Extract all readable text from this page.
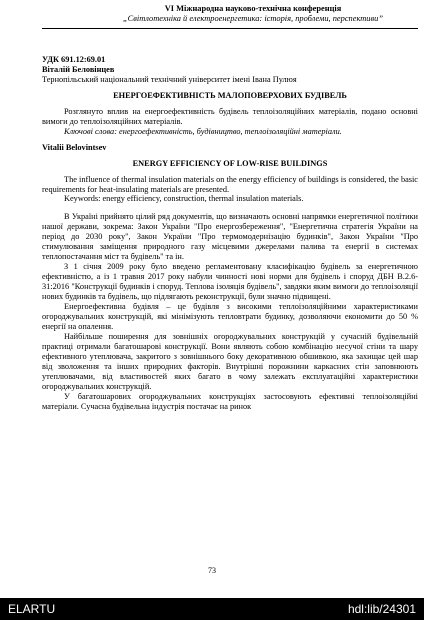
VI Міжнародна науково-технічна конференція
„Світлотехніка й електроенергетика: історія, проблеми, перспективи”

УДК 691.12:69.01

Віталій Беловінцев

Тернопільський національний технічний університет імені Івана Пулюя

ЕНЕРГОЕФЕКТИВНІСТЬ МАЛОПОВЕРХОВИХ БУДІВЕЛЬ

Розглянуто вплив на енергоефективність будівель теплоізоляційних матеріалів, подано основні вимоги до теплоізоляційних матеріалів.

Ключові слова: енергоефективність, будівництво, теплоізоляційні матеріали.

Vitalii Belovintsev

ENERGY EFFICIENCY OF LOW-RISE BUILDINGS

The influence of thermal insulation materials on the energy efficiency of buildings is considered, the basic requirements for heat-insulating materials are presented.

Keywords: energy efficiency, construction, thermal insulation materials.

В Україні прийнято цілий ряд документів, що визначають основні напрямки енергетичної політики нашої держави, зокрема: Закон України "Про енергозбереження", "Енергетична стратегія України на період до 2030 року", Закон України "Про термомодернізацію будинків", Закон України "Про стимулювання заміщення природного газу місцевими джерелами палива та енергії в системах теплопостачання міст та будівель" та ін.

З 1 січня 2009 року було введено регламентовану класифікацію будівель за енергетичною ефективністю, а із 1 травня 2017 року набули чинності нові норми для будівель і споруд ДБН В.2.6-31:2016 "Конструкції будинків і споруд. Теплова ізоляція будівель", завдяки яким вимоги до теплоізоляції нових будинків та будівель, що підлягають реконструкції, були значно підвищені.

Енергоефективна будівля – це будівля з високими теплоізоляційними характеристиками огороджувальних конструкцій, які мінімізують тепловтрати будинку, дозволяючи економити до 50 % енергії на опалення.

Найбільше поширення для зовнішніх огороджувальних конструкцій у сучасній будівельній практиці отримали багатошарові конструкції. Вони являють собою комбінацію несучої стіни та шару ефективного утеплювача, закритого з зовнішнього боку декоративною обшивкою, яка захищає цей шар від зволоження та інших природних факторів. Внутрішні порожнини каркасних стін заповнюють утеплювачами, від властивостей яких багато в чому залежать експлуатаційні характеристики огороджувальних конструкцій.

У багатошарових огороджувальних конструкціях застосовують ефективні теплоізоляційні матеріали. Сучасна будівельна індустрія постачає на ринок

73
ELARTU	hdl:lib/24301
